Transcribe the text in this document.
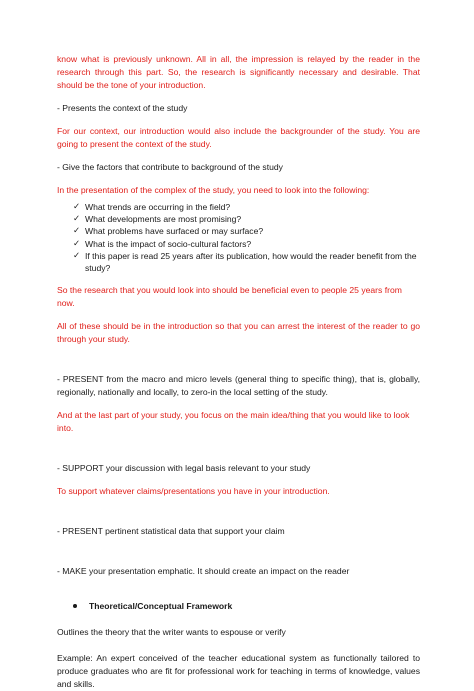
know what is previously unknown. All in all, the impression is relayed by the reader in the research through this part. So, the research is significantly necessary and desirable. That should be the tone of your introduction.

- Presents the context of the study

For our context, our introduction would also include the backgrounder of the study. You are going to present the context of the study.

- Give the factors that contribute to background of the study

In the presentation of the complex of the study, you need to look into the following:

✓ What trends are occurring in the field?
✓ What developments are most promising?
✓ What problems have surfaced or may surface?
✓ What is the impact of socio-cultural factors?
✓ If this paper is read 25 years after its publication, how would the reader benefit from the study?

So the research that you would look into should be beneficial even to people 25 years from now.

All of these should be in the introduction so that you can arrest the interest of the reader to go through your study.

- PRESENT from the macro and micro levels (general thing to specific thing), that is, globally, regionally, nationally and locally, to zero-in the local setting of the study.

And at the last part of your study, you focus on the main idea/thing that you would like to look into.

- SUPPORT your discussion with legal basis relevant to your study

To support whatever claims/presentations you have in your introduction.

- PRESENT pertinent statistical data that support your claim

- MAKE your presentation emphatic. It should create an impact on the reader

Theoretical/Conceptual Framework

Outlines the theory that the writer wants to espouse or verify

Example: An expert conceived of the teacher educational system as functionally tailored to produce graduates who are fit for professional work for teaching in terms of knowledge, values and skills.
